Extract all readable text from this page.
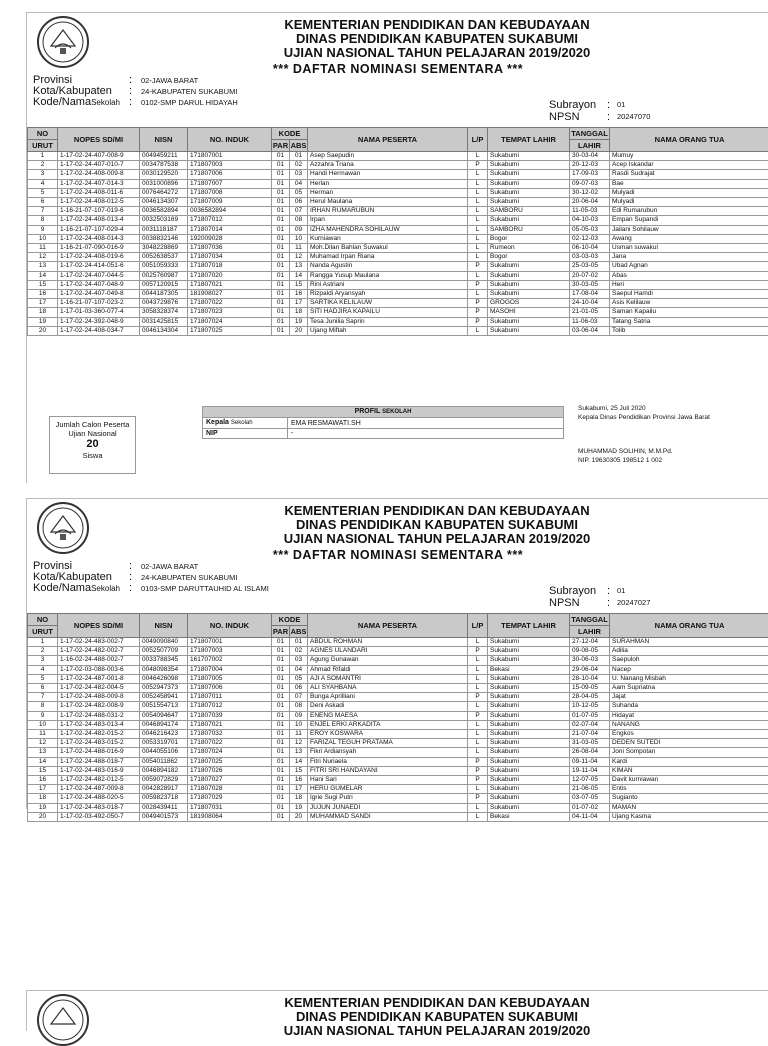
KEMENTERIAN PENDIDIKAN DAN KEBUDAYAAN
DINAS PENDIDIKAN KABUPATEN SUKABUMI
UJIAN NASIONAL TAHUN PELAJARAN 2019/2020
*** DAFTAR NOMINASI SEMENTARA ***
Provinsi	:	02-JAWA BARAT
Kota/Kabupaten	:	24-KABUPATEN SUKABUMI
Kode/NamaSekolah :	0102-SMP DARUL HIDAYAH	Subrayon : 01
NPSN	: 20247070
NO	NOPES SD/MI	NISN	NO. INDUK	KODE		NAMA PESERTA	L/P	TEMPAT LAHIR	TANGGAL	NAMA ORANG TUA
URUT				PAR	ABS				LAHIR	
1	1-17-02-24-407-008-9	0049459211	171807001	01	01	Asep Saepudin	L	Sukabumi	30-03-04	Mumuy
2	1-17-02-24-407-010-7	0034787538	171807003	01	02	Azzahra Triana	P	Sukabumi	20-12-03	Acep Iskandar
3	1-17-02-24-408-009-8	0030129520	171807006	01	03	Handi Hermawan	L	Sukabumi	17-09-03	Rasdi Sudrajat
4	1-17-02-24-407-014-3	0031000896	171807007	01	04	Herlan	L	Sukabumi	09-07-03	Bae
5	1-17-02-24-408-011-6	0076464272	171807008	01	05	Herman	L	Sukabumi	30-12-02	Mulyadi
6	1-17-02-24-408-012-5	0046134307	171807009	01	06	Herul Maulana	L	Sukabumi	20-06-04	Mulyadi
7	1-16-21-07-107-019-6	0036582894	0036582894	01	07	IRHAN RUMARUBUN	L	SAMBORU	11-05-03	Edi Rumarubun
8	1-17-02-24-408-013-4	0032503169	171807012	01	08	Irpan	L	Sukabumi	04-10-03	Empan Supandi
9	1-16-21-07-107-029-4	0031118187	171807014	01	09	IZHA MAHENDRA SOHILAUW	L	SAMBORU	05-05-03	Jailani Sohilauw
10	1-17-02-24-408-014-3	0038832146	192009028	01	10	Kurniawan	L	Bogor	02-12-03	Awang
11	1-16-21-07-090-016-9	3048228869	171807036	01	11	Moh.Dilan Bahlan Suwakul	L	Rumeon	06-10-04	Usman suwakul
12	1-17-02-24-408-019-6	0052638537	171807034	01	12	Muhamad Irpan Riana	L	Bogor	03-03-03	Jana
13	1-17-02-24-414-051-6	0051059333	171807018	01	13	Nanda Agustin	P	Sukabumi	25-03-05	Ubad Agnan
14	1-17-02-24-407-044-5	0025760987	171807020	01	14	Rangga Yusup Maulana	L	Sukabumi	20-07-02	Abas
15	1-17-02-24-407-048-9	0057120915	171807021	01	15	Rini Astriani	P	Sukabumi	30-03-05	Heri
16	1-17-02-24-407-049-8	0044187305	181908027	01	16	Rizpaldi Aryansyah	L	Sukabumi	17-08-04	Saepul Hamdi
17	1-16-21-07-107-023-2	0043729876	171807022	01	17	SARTIKA KELILAUW	P	GROGOS	24-10-04	Asis Kelilauw
18	1-17-01-03-360-077-4	3058328374	171807023	01	18	SITI HADJIRA KAPAILU	P	MASOHI	21-01-05	Saman Kapailu
19	1-17-02-24-392-048-9	0031425815	171807024	01	19	Tesa Junilia Saprin	P	Sukabumi	11-06-03	Tatang Satria
20	1-17-02-24-408-034-7	0046134304	171807025	01	20	Ujang Miftah	L	Sukabumi	03-06-04	Tolib
Jumlah Calon Peserta
Ujian Nasional
20
Siswa
PROFIL SEKOLAH	
Kepala Sekolah	EMA RESMAWATI.SH
NIP	-
Sukabumi, 25 Juli 2020
Kepala Dinas Pendidikan Provinsi Jawa Barat
MUHAMMAD SOLIHIN, M.M.Pd.
NIP. 19630305 198512 1 002
KEMENTERIAN PENDIDIKAN DAN KEBUDAYAAN
DINAS PENDIDIKAN KABUPATEN SUKABUMI
UJIAN NASIONAL TAHUN PELAJARAN 2019/2020
*** DAFTAR NOMINASI SEMENTARA ***
Provinsi	:	02-JAWA BARAT
Kota/Kabupaten	:	24-KABUPATEN SUKABUMI
Kode/NamaSekolah :	0103-SMP DARUTTAUHID AL ISLAMI	Subrayon : 01
NPSN	: 20247027
NO	NOPES SD/MI	NISN	NO. INDUK	KODE		NAMA PESERTA	L/P	TEMPAT LAHIR	TANGGAL	NAMA ORANG TUA
URUT				PAR	ABS				LAHIR	
1	1-17-02-24-483-002-7	0049090840	171807001	01	01	ABDUL ROHMAN	L	Sukabumi	27-12-04	SURAHMAN
2	1-17-02-24-482-002-7	0052507709	171807003	01	02	AGNES ULANDARI	P	Sukabumi	09-08-05	Adilia
3	1-16-02-24-488-002-7	0033788345	161707002	01	03	Agung Gunawan	L	Sukabumi	30-06-03	Saepuloh
4	1-17-02-03-088-003-6	0048098354	171807004	01	04	Ahmad Rifaldi	L	Bekasi	29-06-04	Nacep
5	1-17-02-24-487-001-8	0046426098	171807005	01	05	AJI A SOMANTRI	L	Sukabumi	28-10-04	U. Nanang Misbah
6	1-17-02-24-482-004-5	0052947373	171807006	01	06	ALI SYAHBANA	L	Sukabumi	15-09-05	Aam Supriatna
7	1-17-02-24-488-009-8	0052458941	171807011	01	07	Bunga Aprilliani	P	Sukabumi	28-04-05	Jajat
8	1-17-02-24-482-008-9	0051554713	171807012	01	08	Deni Askadi	L	Sukabumi	10-12-05	Suhanda
9	1-17-02-24-488-031-2	0054094647	171807039	01	09	ENENG MAESA	P	Sukabumi	01-07-05	Hidayat
10	1-17-02-24-483-013-4	0046894174	171807021	01	10	ENJEL ERKI ARKADITA	L	Sukabumi	02-07-04	NANANG
11	1-17-02-24-482-015-2	0046216423	171807032	01	11	EROY KOSWARA	L	Sukabumi	21-07-04	Engkos
12	1-17-02-24-483-015-2	0053319701	171807022	01	12	FARIZAL TEGUH PRATAMA	L	Sukabumi	31-03-05	DEDEN SUTEDI
13	1-17-02-24-488-016-9	0044055106	171807024	01	13	Fikri Ardiansyah	L	Sukabumi	26-08-04	Joni Sompotan
14	1-17-02-24-488-018-7	0054011862	171807025	01	14	Fitri Nuriaela	P	Sukabumi	09-11-04	Kardi
15	1-17-02-24-483-016-9	0046894182	171807026	01	15	FITRI SRI HANDAYANI	P	Sukabumi	19-11-04	KIMAN
16	1-17-02-24-482-012-5	0059072829	171807027	01	16	Hani Sari	P	Sukabumi	12-07-05	Davit kurniawan
17	1-17-02-24-487-009-8	0042828917	171807028	01	17	HERU GUMELAR	L	Sukabumi	21-06-05	Entis
18	1-17-02-24-488-020-5	0059823718	171807029	01	18	Igrie Sugi Putri	P	Sukabumi	03-07-05	Sugianto
19	1-17-02-24-483-018-7	0028439411	171807031	01	19	JUJUN JUNAEDI	L	Sukabumi	01-07-02	MAMAN
20	1-17-02-03-492-050-7	0049401573	181908064	01	20	MUHAMMAD SANDI	L	Bekasi	04-11-04	Ujang Kasma
KEMENTERIAN PENDIDIKAN DAN KEBUDAYAAN
DINAS PENDIDIKAN KABUPATEN SUKABUMI
UJIAN NASIONAL TAHUN PELAJARAN 2019/2020
